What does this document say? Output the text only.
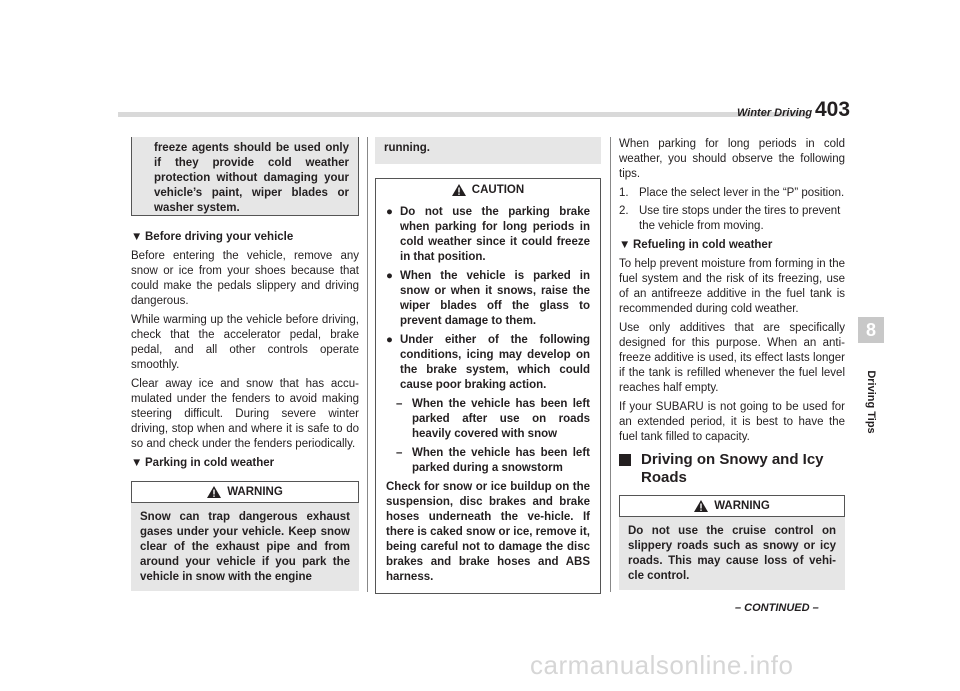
Winter Driving 403
8
Driving Tips
freeze agents should be used only if they provide cold weather protection without damaging your vehicle’s paint, wiper blades or washer system.
▼ Before driving your vehicle

Before entering the vehicle, remove any snow or ice from your shoes because that could make the pedals slippery and driving dangerous.

While warming up the vehicle before driving, check that the accelerator pedal, brake pedal, and all other controls operate smoothly.

Clear away ice and snow that has accu-mulated under the fenders to avoid making steering difficult. During severe winter driving, stop when and where it is safe to do so and check under the fenders periodically.

▼ Parking in cold weather
WARNING
Snow can trap dangerous exhaust gases under your vehicle. Keep snow clear of the exhaust pipe and from around your vehicle if you park the vehicle in snow with the engine
running.
CAUTION
● Do not use the parking brake when parking for long periods in cold weather since it could freeze in that position.
● When the vehicle is parked in snow or when it snows, raise the wiper blades off the glass to prevent damage to them.
● Under either of the following conditions, icing may develop on the brake system, which could cause poor braking action.
– When the vehicle has been left parked after use on roads heavily covered with snow
– When the vehicle has been left parked during a snowstorm
Check for snow or ice buildup on the suspension, disc brakes and brake hoses underneath the ve-hicle. If there is caked snow or ice, remove it, being careful not to damage the disc brakes and brake hoses and ABS harness.

When parking for long periods in cold weather, you should observe the following tips.

1. Place the select lever in the “P” position.
2. Use tire stops under the tires to prevent the vehicle from moving.
▼ Refueling in cold weather

To help prevent moisture from forming in the fuel system and the risk of its freezing, use of an antifreeze additive in the fuel tank is recommended during cold weather.

Use only additives that are specifically designed for this purpose. When an anti-freeze additive is used, its effect lasts longer if the tank is refilled whenever the fuel level reaches half empty.

If your SUBARU is not going to be used for an extended period, it is best to have the fuel tank filled to capacity.

Driving on Snowy and Icy Roads
WARNING
Do not use the cruise control on slippery roads such as snowy or icy roads. This may cause loss of vehi-cle control.
– CONTINUED –
carmanualsonline.info
